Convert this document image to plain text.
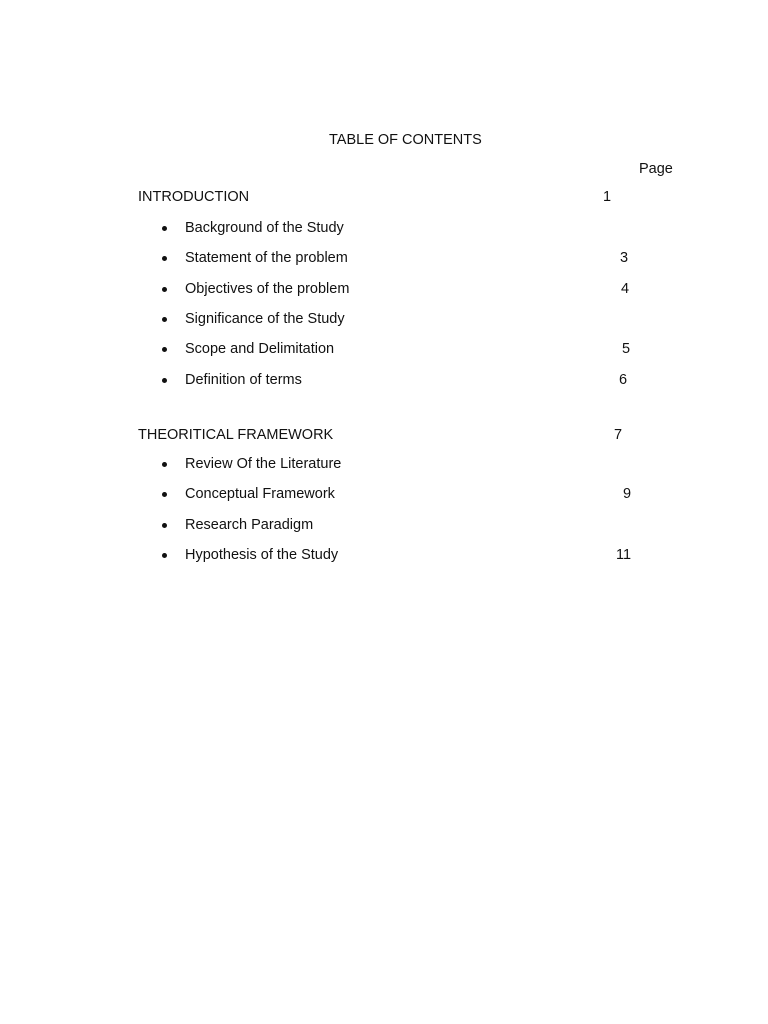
TABLE OF CONTENTS
Page
INTRODUCTION	1
Background of the Study
Statement of the problem	3
Objectives of the problem	4
Significance of the Study
Scope and Delimitation	5
Definition of terms	6
THEORITICAL FRAMEWORK	7
Review Of the Literature
Conceptual Framework	9
Research Paradigm
Hypothesis of the Study	11
